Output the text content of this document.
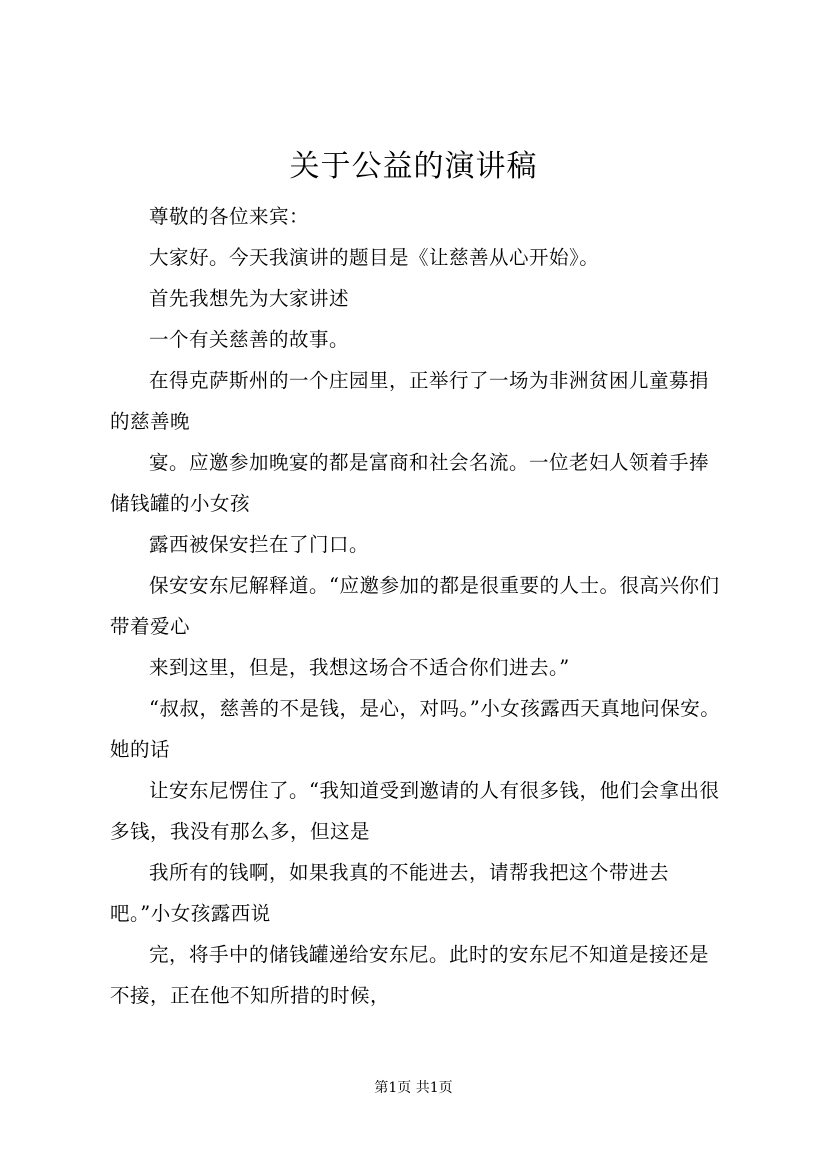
关于公益的演讲稿

尊敬的各位来宾：

大家好。今天我演讲的题目是《让慈善从心开始》。

首先我想先为大家讲述

一个有关慈善的故事。

在得克萨斯州的一个庄园里，正举行了一场为非洲贫困儿童募捐的慈善晚

宴。应邀参加晚宴的都是富商和社会名流。一位老妇人领着手捧储钱罐的小女孩

露西被保安拦在了门口。

保安安东尼解释道。“应邀参加的都是很重要的人士。很高兴你们带着爱心

来到这里，但是，我想这场合不适合你们进去。”

“叔叔，慈善的不是钱，是心，对吗。”小女孩露西天真地问保安。她的话

让安东尼愣住了。“我知道受到邀请的人有很多钱，他们会拿出很多钱，我没有那么多，但这是

我所有的钱啊，如果我真的不能进去，请帮我把这个带进去吧。”小女孩露西说

完，将手中的储钱罐递给安东尼。此时的安东尼不知道是接还是不接，正在他不知所措的时候，

第1页 共1页
